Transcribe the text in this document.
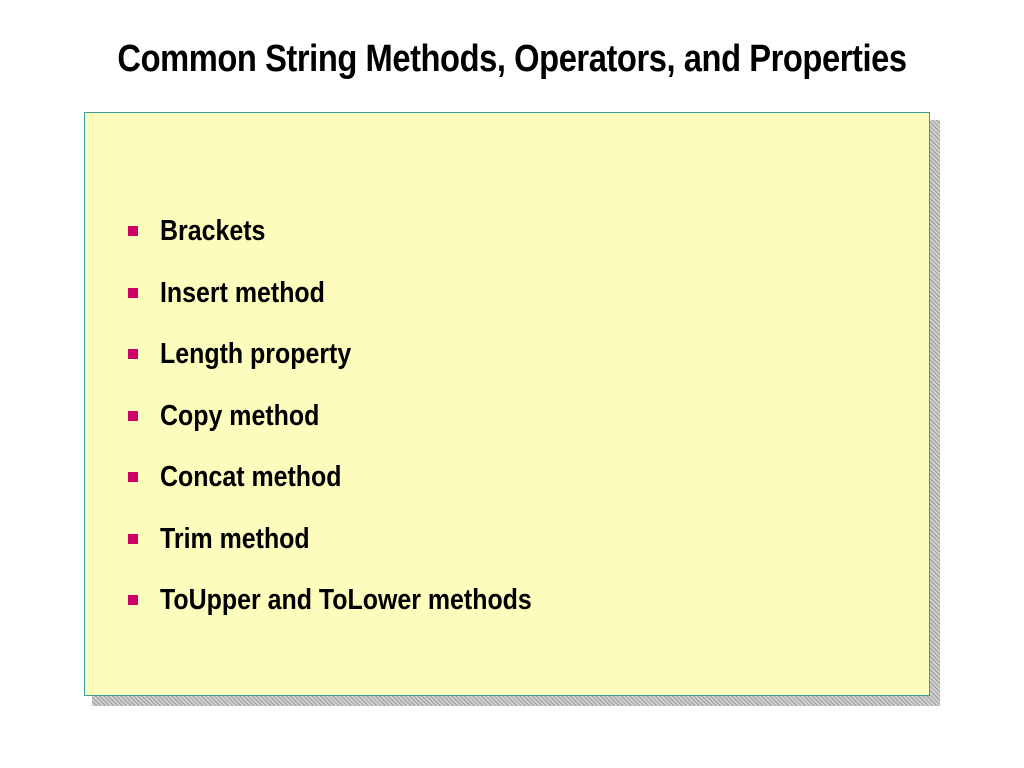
Common String Methods, Operators, and Properties
Brackets
Insert method
Length property
Copy method
Concat method
Trim method
ToUpper and ToLower methods
